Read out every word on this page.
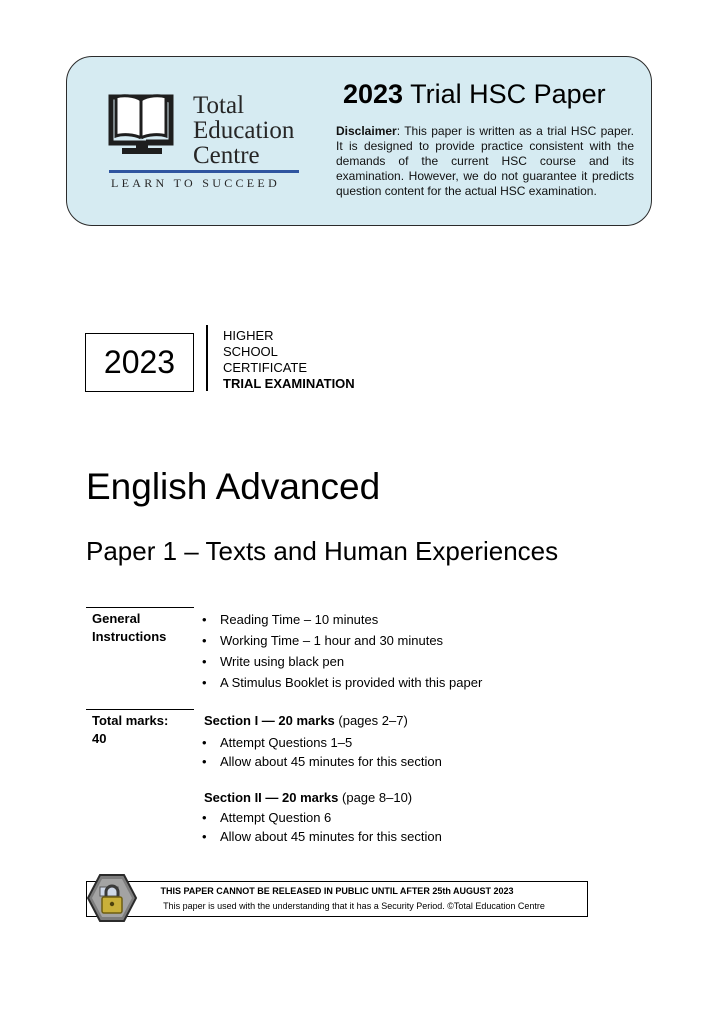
Total
Education
Centre
LEARN TO SUCCEED
2023 Trial HSC Paper
Disclaimer: This paper is written as a trial HSC paper. It is designed to provide practice consistent with the demands of the current HSC course and its examination. However, we do not guarantee it predicts question content for the actual HSC examination.
2023
HIGHER
SCHOOL
CERTIFICATE
TRIAL EXAMINATION
English Advanced
Paper 1 – Texts and Human Experiences
General
Instructions
• Reading Time – 10 minutes
• Working Time – 1 hour and 30 minutes
• Write using black pen
• A Stimulus Booklet is provided with this paper
Total marks:
40
Section I — 20 marks (pages 2–7)
• Attempt Questions 1–5
• Allow about 45 minutes for this section
Section II — 20 marks (page 8–10)
• Attempt Question 6
• Allow about 45 minutes for this section
THIS PAPER CANNOT BE RELEASED IN PUBLIC UNTIL AFTER 25th AUGUST 2023
This paper is used with the understanding that it has a Security Period. ©Total Education Centre
